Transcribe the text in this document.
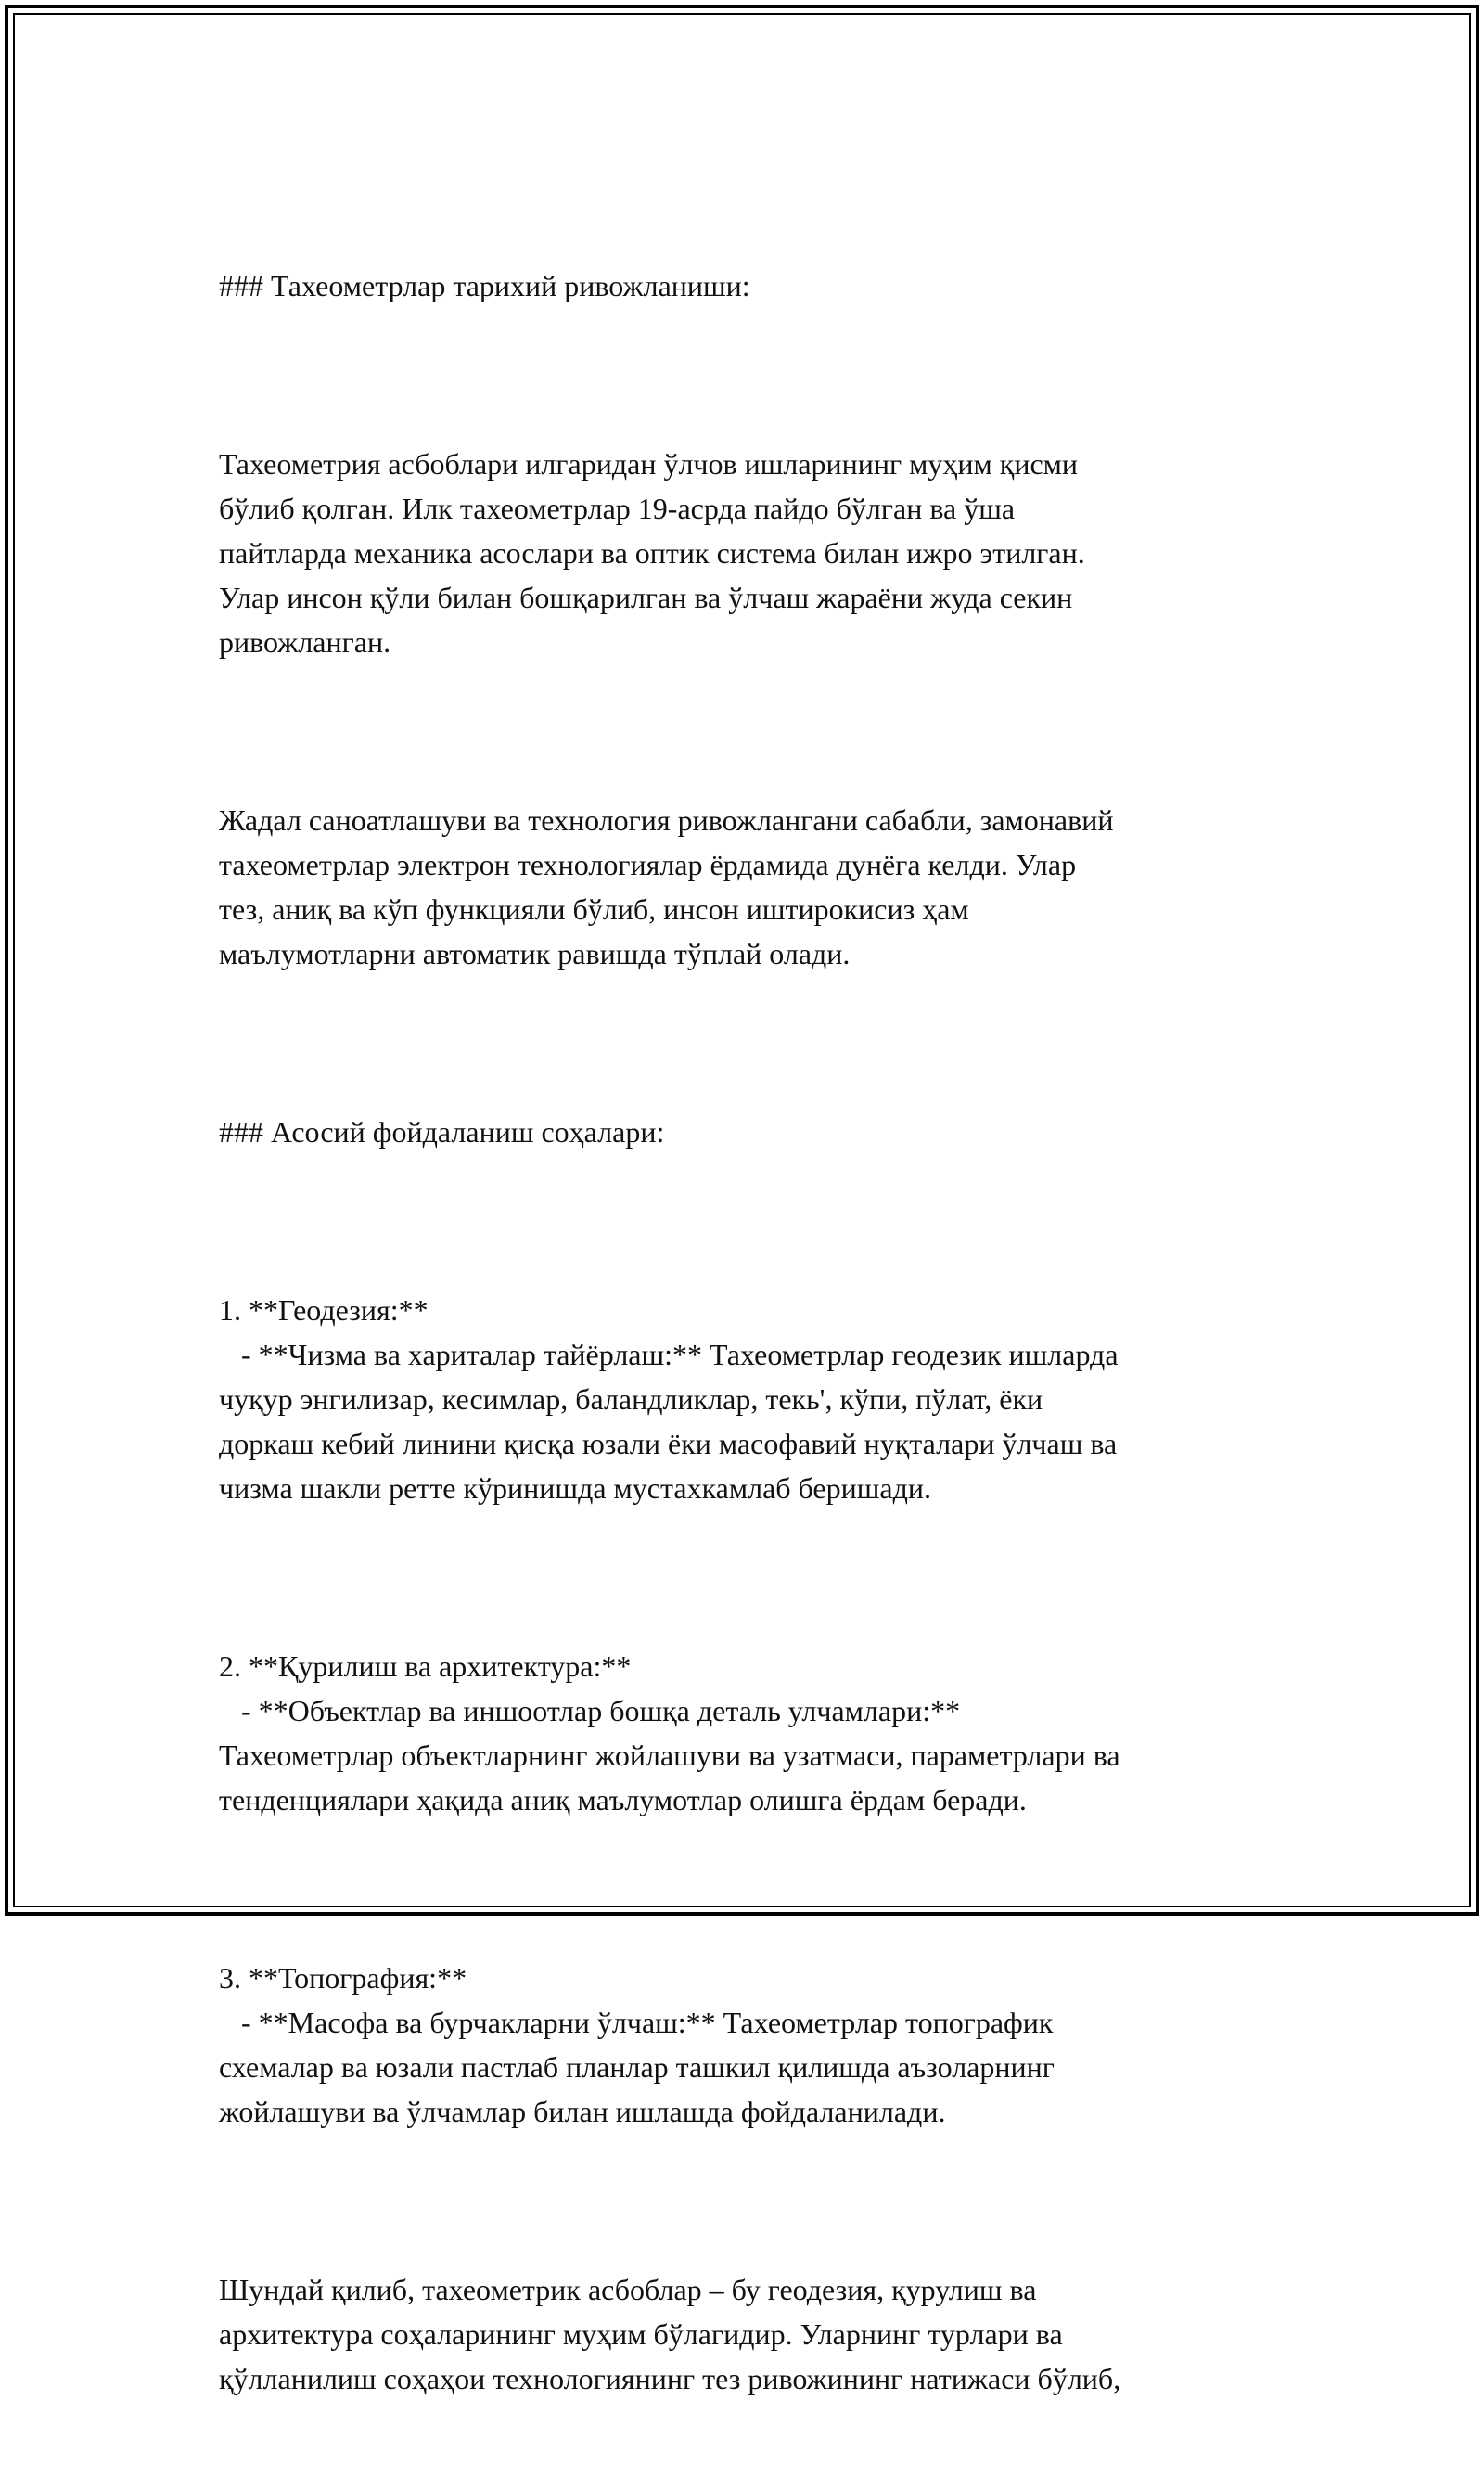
### Тахеометрлар тарихий ривожланиши:

Тахеометрия асбоблари илгаридан ўлчов ишларининг муҳим қисми
бўлиб қолган. Илк тахеометрлар 19-асрда пайдо бўлган ва ўша
пайтларда механика асослари ва оптик система билан ижро этилган.
Улар инсон қўли билан бошқарилган ва ўлчаш жараёни жуда секин
ривожланган.

Жадал саноатлашуви ва технология ривожлангани сабабли, замонавий
тахеометрлар электрон технологиялар ёрдамида дунёга келди. Улар
тез, аниқ ва кўп функцияли бўлиб, инсон иштирокисиз ҳам
маълумотларни автоматик равишда тўплай олади.

### Асосий фойдаланиш соҳалари:

1. **Геодезия:**
- **Чизма ва хариталар тайёрлаш:** Тахеометрлар геодезик ишларда
чуқур энгилизар, кесимлар, баландликлар, текь', кўпи, пўлат, ёки
доркаш кебий линини қисқа юзали ёки масофавий нуқталари ўлчаш ва
чизма шакли ретте кўринишда мустахкамлаб беришади.

2. **Қурилиш ва архитектура:**
- **Объектлар ва иншоотлар бошқа деталь улчамлари:**
Тахеометрлар объектларнинг жойлашуви ва узатмаси, параметрлари ва
тенденциялари ҳақида аниқ маълумотлар олишга ёрдам беради.

3. **Топография:**
- **Масофа ва бурчакларни ўлчаш:** Тахеометрлар топографик
схемалар ва юзали пастлаб планлар ташкил қилишда аъзоларнинг
жойлашуви ва ўлчамлар билан ишлашда фойдаланилади.

Шундай қилиб, тахеометрик асбоблар – бу геодезия, қурулиш ва
архитектура соҳаларининг муҳим бўлагидир. Уларнинг турлари ва
қўлланилиш соҳаҳои технологиянинг тез ривожининг натижаси бўлиб,
